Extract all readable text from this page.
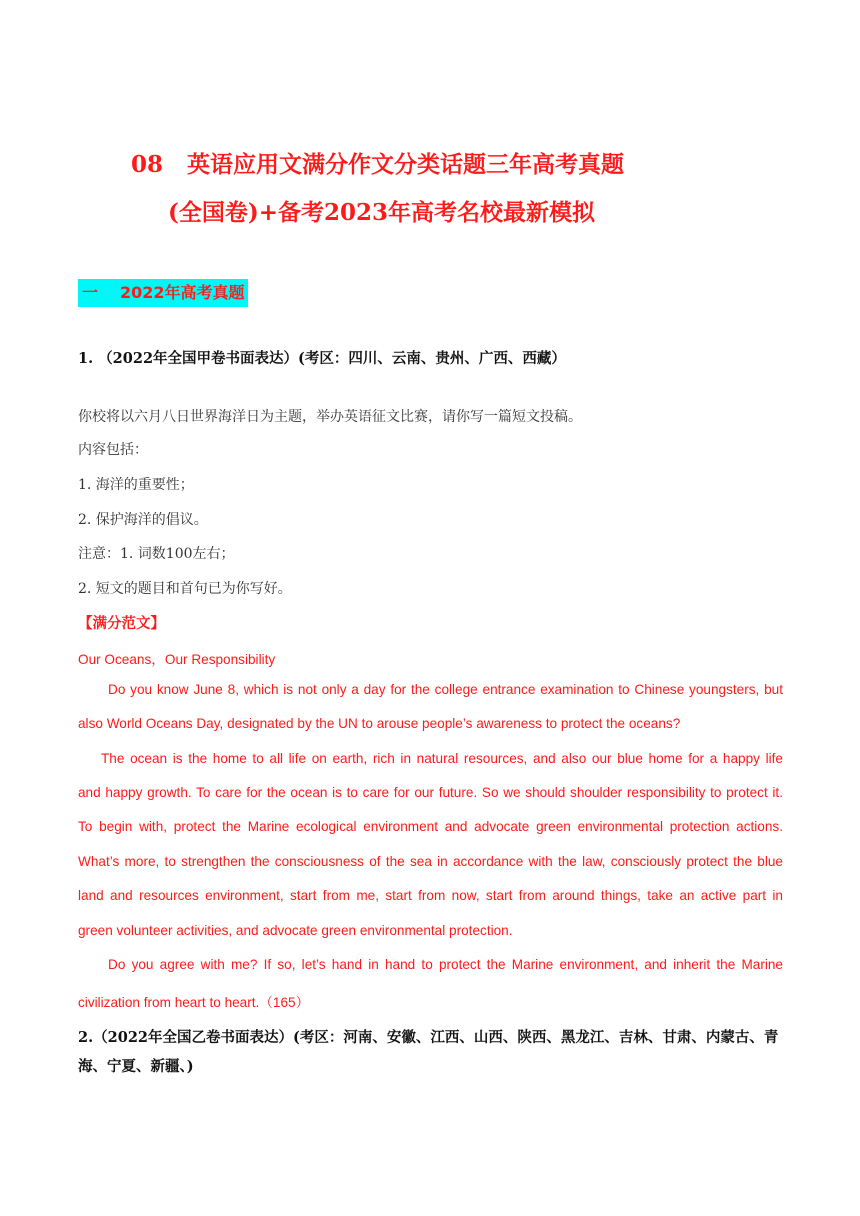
08 英语应用文满分作文分类话题三年高考真题
(全国卷)+备考2023年高考名校最新模拟
一 2022年高考真题
1. （2022年全国甲卷书面表达）(考区：四川、云南、贵州、广西、西藏）
你校将以六月八日世界海洋日为主题，举办英语征文比赛，请你写一篇短文投稿。
内容包括：
1. 海洋的重要性；
2. 保护海洋的倡议。
注意：1. 词数100左右；
2. 短文的题目和首句已为你写好。
【满分范文】
Our Oceans，Our Responsibility
Do you know June 8, which is not only a day for the college entrance examination to Chinese youngsters, but
also World Oceans Day, designated by the UN to arouse people’s awareness to protect the oceans?
The ocean is the home to all life on earth, rich in natural resources, and also our blue home for a happy life
and happy growth. To care for the ocean is to care for our future. So we should shoulder responsibility to protect it.
To begin with, protect the Marine ecological environment and advocate green environmental protection actions.
What’s more, to strengthen the consciousness of the sea in accordance with the law, consciously protect the blue
land and resources environment, start from me, start from now, start from around things, take an active part in
green volunteer activities, and advocate green environmental protection.
Do you agree with me? If so, let’s hand in hand to protect the Marine environment, and inherit the Marine
civilization from heart to heart.（165）
2.（2022年全国乙卷书面表达）(考区：河南、安徽、江西、山西、陕西、黑龙江、吉林、甘肃、内蒙古、青海、宁夏、新疆、)
